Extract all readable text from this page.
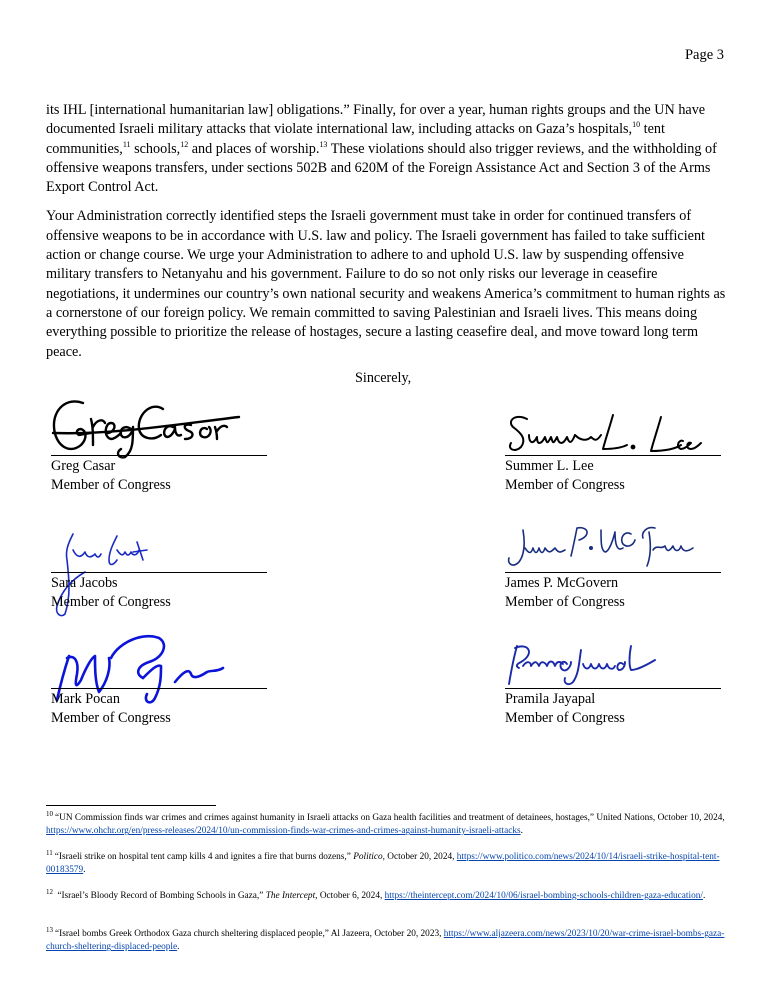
Page 3

its IHL [international humanitarian law] obligations.” Finally, for over a year, human rights groups and the UN have documented Israeli military attacks that violate international law, including attacks on Gaza’s hospitals,$^{10}$ tent communities,$^{11}$ schools,$^{12}$ and places of worship.$^{13}$ These violations should also trigger reviews, and the withholding of offensive weapons transfers, under sections 502B and 620M of the Foreign Assistance Act and Section 3 of the Arms Export Control Act.

Your Administration correctly identified steps the Israeli government must take in order for continued transfers of offensive weapons to be in accordance with U.S. law and policy. The Israeli government has failed to take sufficient action or change course. We urge your Administration to adhere to and uphold U.S. law by suspending offensive military transfers to Netanyahu and his government. Failure to do so not only risks our leverage in ceasefire negotiations, it undermines our country’s own national security and weakens America’s commitment to human rights as a cornerstone of our foreign policy. We remain committed to saving Palestinian and Israeli lives. This means doing everything possible to prioritize the release of hostages, secure a lasting ceasefire deal, and move toward long term peace.

Sincerely,
Greg Casar
Member of Congress
Summer L. Lee
Member of Congress
Sara Jacobs
Member of Congress
James P. McGovern
Member of Congress
Mark Pocan
Member of Congress
Pramila Jayapal
Member of Congress
$^{10}$ “UN Commission finds war crimes and crimes against humanity in Israeli attacks on Gaza health facilities and treatment of detainees, hostages,” United Nations, October 10, 2024, https://www.ohchr.org/en/press-releases/2024/10/un-commission-finds-war-crimes-and-crimes-against-humanity-israeli-attacks.
$^{11}$ “Israeli strike on hospital tent camp kills 4 and ignites a fire that burns dozens,” Politico, October 20, 2024, https://www.politico.com/news/2024/10/14/israeli-strike-hospital-tent-00183579.
$^{12}$ “Israel’s Bloody Record of Bombing Schools in Gaza,” The Intercept, October 6, 2024, https://theintercept.com/2024/10/06/israel-bombing-schools-children-gaza-education/.
$^{13}$ “Israel bombs Greek Orthodox Gaza church sheltering displaced people,” Al Jazeera, October 20, 2023, https://www.aljazeera.com/news/2023/10/20/war-crime-israel-bombs-gaza-church-sheltering-displaced-people.
